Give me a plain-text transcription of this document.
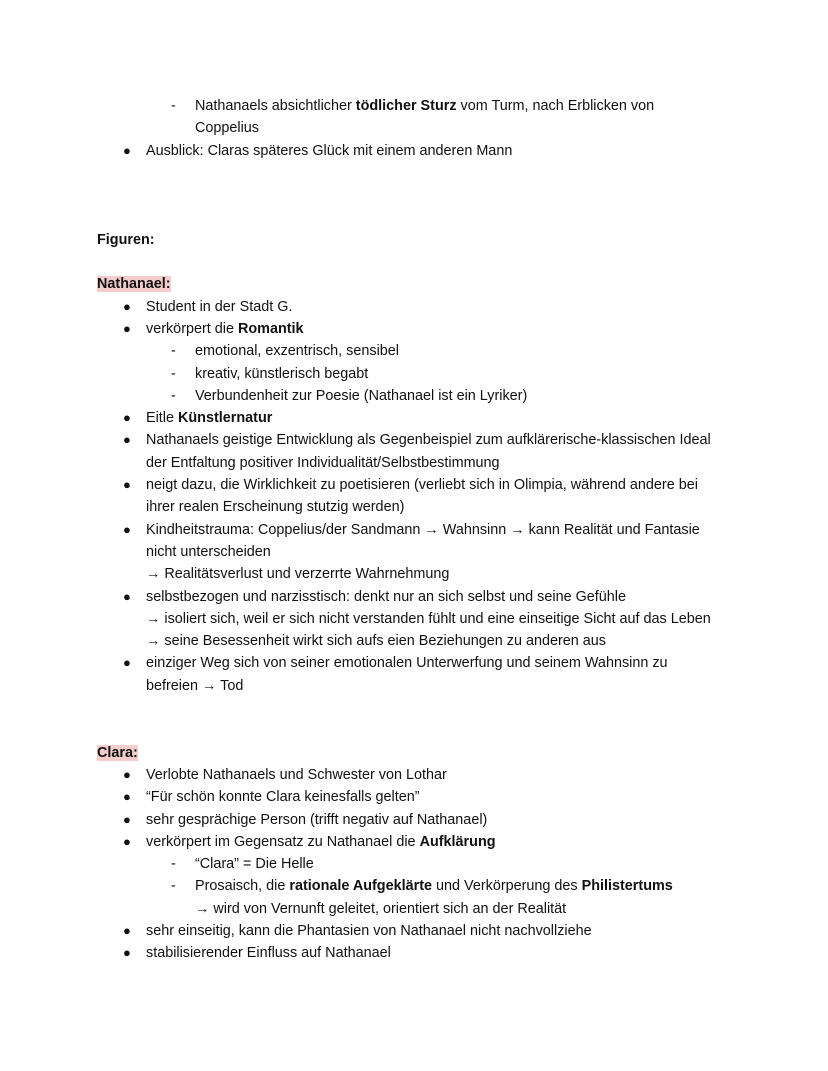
- Nathanaels absichtlicher tödlicher Sturz vom Turm, nach Erblicken von
Coppelius
● Ausblick: Claras späteres Glück mit einem anderen Mann
Figuren:
Nathanael:
● Student in der Stadt G.
● verkörpert die Romantik
- emotional, exzentrisch, sensibel
- kreativ, künstlerisch begabt
- Verbundenheit zur Poesie (Nathanael ist ein Lyriker)
● Eitle Künstlernatur
● Nathanaels geistige Entwicklung als Gegenbeispiel zum aufklärerische-klassischen Ideal
der Entfaltung positiver Individualität/Selbstbestimmung
● neigt dazu, die Wirklichkeit zu poetisieren (verliebt sich in Olimpia, während andere bei
ihrer realen Erscheinung stutzig werden)
● Kindheitstrauma: Coppelius/der Sandmann → Wahnsinn → kann Realität und Fantasie
nicht unterscheiden
→ Realitätsverlust und verzerrte Wahrnehmung
● selbstbezogen und narzisstisch: denkt nur an sich selbst und seine Gefühle
→ isoliert sich, weil er sich nicht verstanden fühlt und eine einseitige Sicht auf das Leben
→ seine Besessenheit wirkt sich aufs eien Beziehungen zu anderen aus
● einziger Weg sich von seiner emotionalen Unterwerfung und seinem Wahnsinn zu
befreien → Tod
Clara:
● Verlobte Nathanaels und Schwester von Lothar
● “Für schön konnte Clara keinesfalls gelten”
● sehr gesprächige Person (trifft negativ auf Nathanael)
● verkörpert im Gegensatz zu Nathanael die Aufklärung
- “Clara” = Die Helle
- Prosaisch, die rationale Aufgeklärte und Verkörperung des Philistertums
→ wird von Vernunft geleitet, orientiert sich an der Realität
● sehr einseitig, kann die Phantasien von Nathanael nicht nachvollziehe
● stabilisierender Einfluss auf Nathanael
